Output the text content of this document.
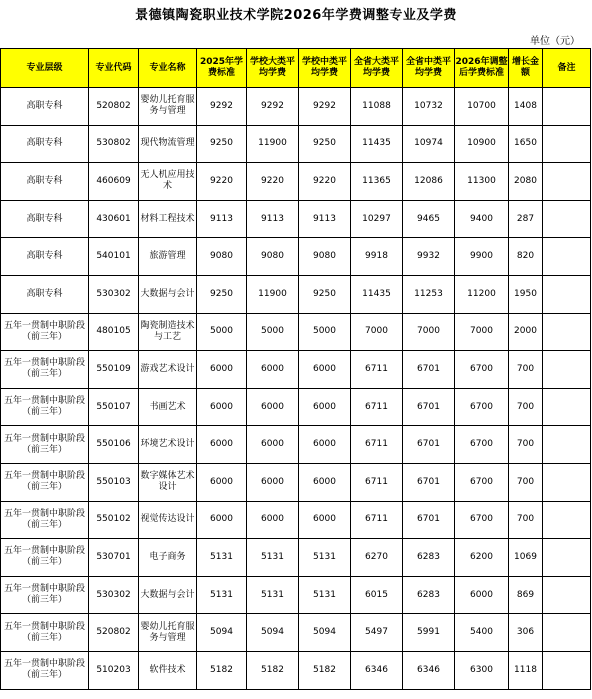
景德镇陶瓷职业技术学院2026年学费调整专业及学费
单位（元）
专业层级	专业代码	专业名称	2025年学费标准	学校大类平均学费	学校中类平均学费	全省大类平均学费	全省中类平均学费	2026年调整后学费标准	增长金额	备注
高职专科	520802	婴幼儿托育服务与管理	9292	9292	9292	11088	10732	10700	1408	
高职专科	530802	现代物流管理	9250	11900	9250	11435	10974	10900	1650	
高职专科	460609	无人机应用技术	9220	9220	9220	11365	12086	11300	2080	
高职专科	430601	材料工程技术	9113	9113	9113	10297	9465	9400	287	
高职专科	540101	旅游管理	9080	9080	9080	9918	9932	9900	820	
高职专科	530302	大数据与会计	9250	11900	9250	11435	11253	11200	1950	
五年一贯制中职阶段（前三年）	480105	陶瓷制造技术与工艺	5000	5000	5000	7000	7000	7000	2000	
五年一贯制中职阶段（前三年）	550109	游戏艺术设计	6000	6000	6000	6711	6701	6700	700	
五年一贯制中职阶段（前三年）	550107	书画艺术	6000	6000	6000	6711	6701	6700	700	
五年一贯制中职阶段（前三年）	550106	环境艺术设计	6000	6000	6000	6711	6701	6700	700	
五年一贯制中职阶段（前三年）	550103	数字媒体艺术设计	6000	6000	6000	6711	6701	6700	700	
五年一贯制中职阶段（前三年）	550102	视觉传达设计	6000	6000	6000	6711	6701	6700	700	
五年一贯制中职阶段（前三年）	530701	电子商务	5131	5131	5131	6270	6283	6200	1069	
五年一贯制中职阶段（前三年）	530302	大数据与会计	5131	5131	5131	6015	6283	6000	869	
五年一贯制中职阶段（前三年）	520802	婴幼儿托育服务与管理	5094	5094	5094	5497	5991	5400	306	
五年一贯制中职阶段（前三年）	510203	软件技术	5182	5182	5182	6346	6346	6300	1118	
